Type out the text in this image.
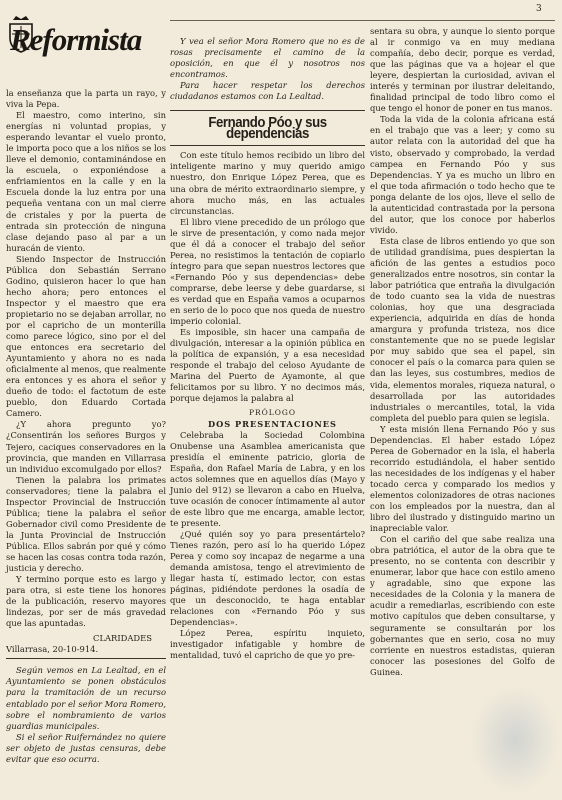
Reformista
3

la enseñanza que la parta un rayo, y viva la Pepa.

El maestro, como interino, sin energías ni voluntad propias, y esperando levantar el vuelo pronto, le importa poco que a los niños se los lleve el demonio, contaminándose en la escuela, o exponiéndose a enfriamientos en la calle y en la Escuela donde la luz entra por una pequeña ventana con un mal cierre de cristales y por la puerta de entrada sin protección de ninguna clase dejando paso al par a un huracán de viento.

Siendo Inspector de Instrucción Pública don Sebastián Serrano Godino, quisieron hacer lo que han hecho ahora; pero entonces el Inspector y el maestro que era propietario no se dejaban arrollar, no por el capricho de un monterilla como parece lógico, sino por el del que entonces era secretario del Ayuntamiento y ahora no es nada oficialmente al menos, que realmente era entonces y es ahora el señor y dueño de todo: el factotum de este pueblo, don Eduardo Cortada Camero.

¿Y ahora pregunto yo? ¿Consentirán los señores Burgos y Tejero, caciques conservadores en la provincia, que manden en Villarrasa un individuo excomulgado por ellos?

Tienen la palabra los primates conservadores; tiene la palabra el Inspector Provincial de Instrucción Pública; tiene la palabra el señor Gobernador civil como Presidente de la Junta Provincial de Instrucción Pública. Ellos sabrán por qué y cómo se hacen las cosas contra toda razón, justicia y derecho.

Y termino porque esto es largo y para otra, si este tiene los honores de la publicación, reservo mayores lindezas, por ser de más gravedad que las apuntadas.

CLARIDADES

Villarrasa, 20-10-914.

Según vemos en La Lealtad, en el Ayuntamiento se ponen obstáculos para la tramitación de un recurso entablado por el señor Mora Romero, sobre el nombramiento de varios guardias municipales.

Si el señor Ruifernández no quiere ser objeto de justas censuras, debe evitar que eso ocurra.

Y vea el señor Mora Romero que no es de rosas precisamente el camino de la oposición, en que él y nosotros nos encontramos.

Para hacer respetar los derechos ciudadanos estamos con La Lealtad.

Fernando Póo y sus dependencias

Con este título hemos recibido un libro del inteligente marino y muy querido amigo nuestro, don Enrique López Perea, que es una obra de mérito extraordinario siempre, y ahora mucho más, en las actuales circunstancias.

El libro viene precedido de un prólogo que le sirve de presentación, y como nada mejor que él dá a conocer el trabajo del señor Perea, no resistimos la tentación de copiarlo íntegro para que sepan nuestros lectores que «Fernando Póo y sus dependencias» debe comprarse, debe leerse y debe guardarse, si es verdad que en España vamos a ocuparnos en serio de lo poco que nos queda de nuestro imperio colonial.

Es imposible, sin hacer una campaña de divulgación, interesar a la opinión pública en la política de expansión, y a esa necesidad responde el trabajo del celoso Ayudante de Marina del Puerto de Ayamonte, al que felicitamos por su libro. Y no decimos más, porque dejamos la palabra al

PRÓLOGO

DOS PRESENTACIONES

Celebraba la Sociedad Colombina Onubense una Asamblea americanista que presidía el eminente patricio, gloria de España, don Rafael María de Labra, y en los actos solemnes que en aquellos días (Mayo y Junio del 912) se llevaron a cabo en Huelva, tuve ocasión de conocer íntimamente al autor de este libro que me encarga, amable lector, te presente.

¿Qué quién soy yo para presentártelo? Tienes razón, pero así lo ha querido López Perea y como soy incapaz de negarme a una demanda amistosa, tengo el atrevimiento de llegar hasta tí, estimado lector, con estas páginas, pidiéndote perdones la osadía de que un desconocido, te haga entablar relaciones con «Fernando Póo y sus Dependencias».

López Perea, espíritu inquieto, investigador infatigable y hombre de mentalidad, tuvó el capricho de que yo pre-

sentara su obra, y aunque lo siento porque al ir conmigo va en muy mediana compañía, debo decir, porque es verdad, que las páginas que va a hojear el que leyere, despiertan la curiosidad, avivan el interés y terminan por ilustrar deleitando, finalidad principal de todo libro como el que tengo el honor de poner en tus manos.

Toda la vida de la colonia africana está en el trabajo que vas a leer; y como su autor relata con la autoridad del que ha visto, observado y comprobado, la verdad campea en Fernando Póo y sus Dependencias. Y ya es mucho un libro en el que toda afirmación o todo hecho que te ponga delante de los ojos, lleve el sello de la autenticidad contrastada por la persona del autor, que los conoce por haberlos vivido.

Esta clase de libros entiendo yo que son de utilidad grandísima, pues despiertan la afición de las gentes a estudios poco generalizados entre nosotros, sin contar la labor patriótica que entraña la divulgación de todo cuanto sea la vida de nuestras colonias, hoy que una desgraciada experiencia, adquirida en días de honda amargura y profunda tristeza, nos dice constantemente que no se puede legislar por muy sabido que sea el papel, sin conocer el país o la comarca para quien se dan las leyes, sus costumbres, medios de vida, elementos morales, riqueza natural, o desarrollada por las autoridades industriales o mercantiles, total, la vida completa del pueblo para quien se legisla.

Y esta misión llena Fernando Póo y sus Dependencias. El haber estado López Perea de Gobernador en la isla, el haberla recorrido estudiándola, el haber sentido las necesidades de los indígenas y el haber tocado cerca y comparado los medios y elementos colonizadores de otras naciones con los empleados por la nuestra, dan al libro del ilustrado y distinguido marino un inapreciable valor.

Con el cariño del que sabe realiza una obra patriótica, el autor de la obra que te presento, no se contenta con describir y enumerar, labor que hace con estilo ameno y agradable, sino que expone las necesidades de la Colonia y la manera de acudir a remediarlas, escribiendo con este motivo capítulos que deben consultarse, y seguramente se consultarán por los gobernantes que en serio, cosa no muy corriente en nuestros estadistas, quieran conocer las posesiones del Golfo de Guinea.
